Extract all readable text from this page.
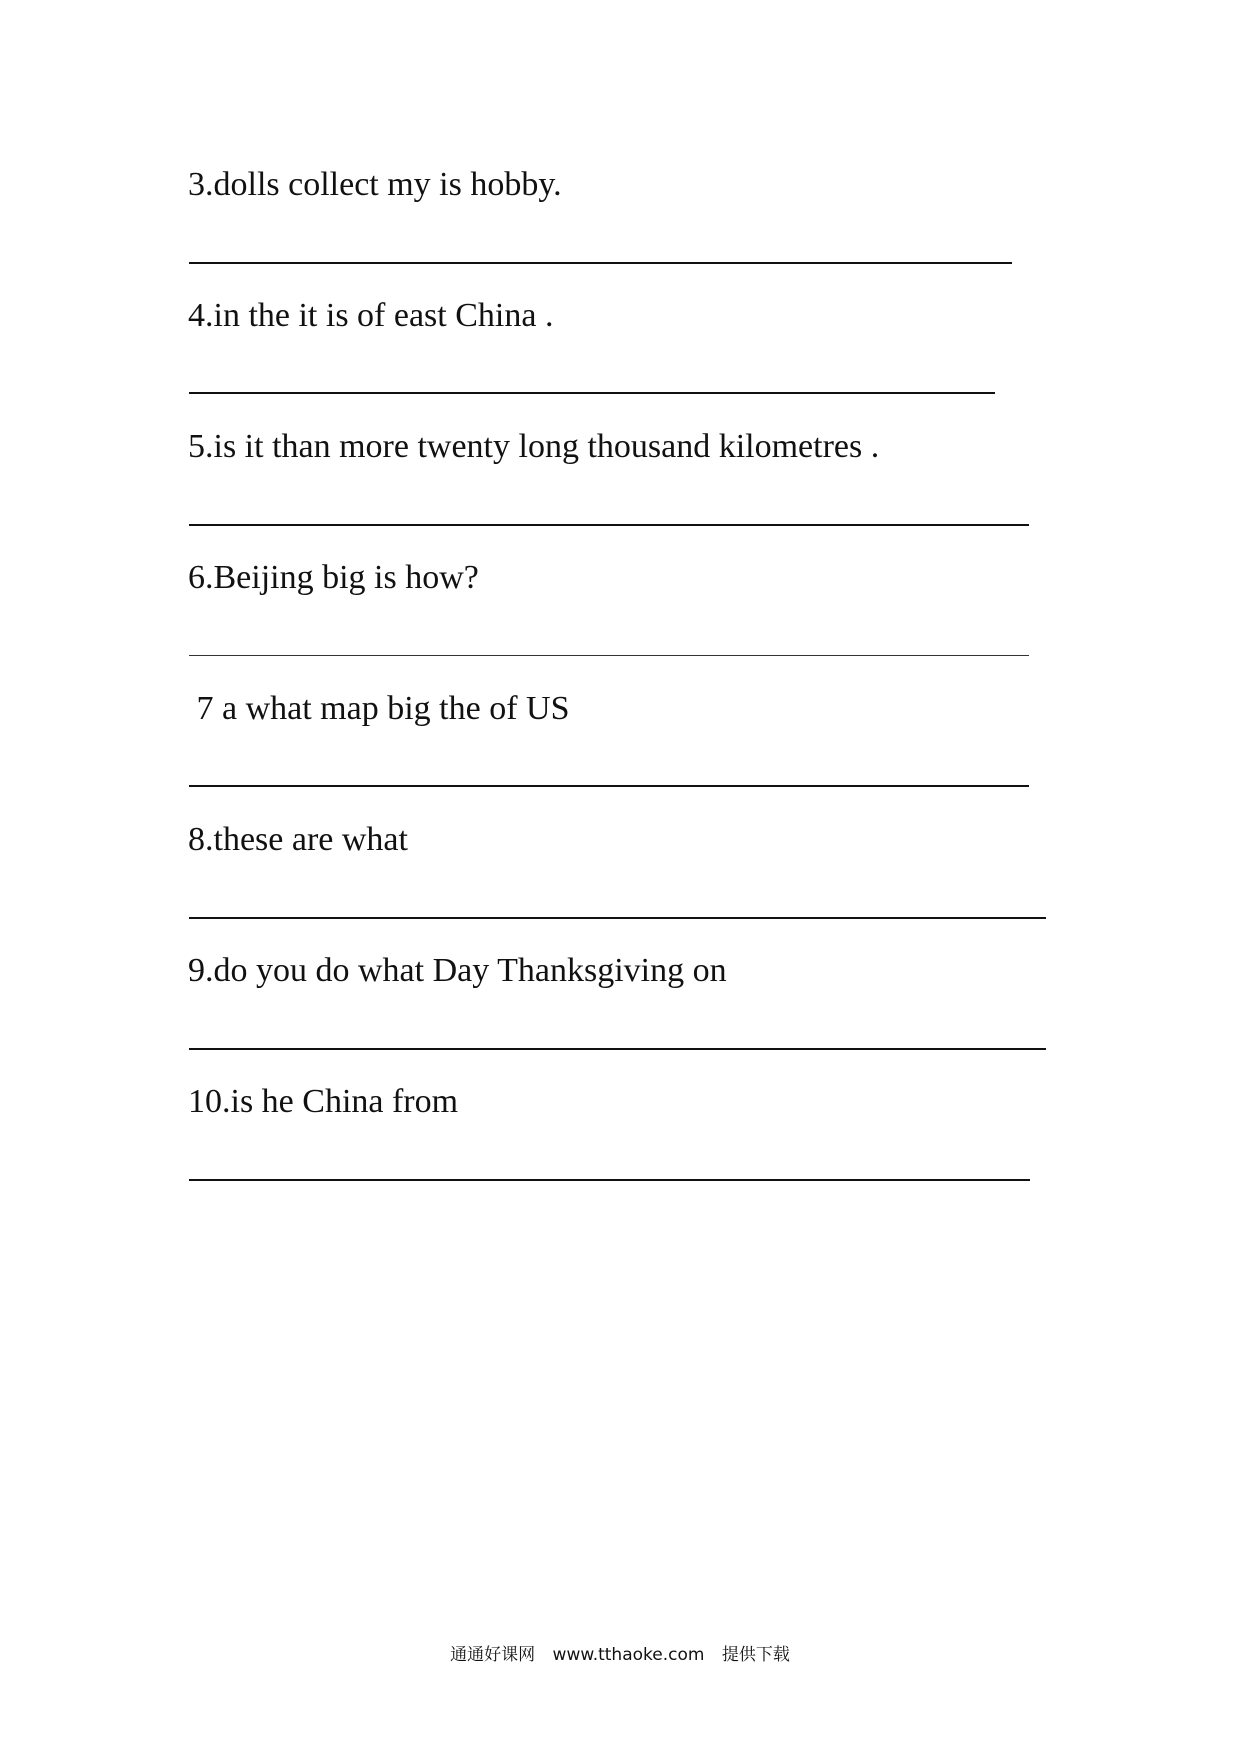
3.dolls collect my is hobby.
4.in the it is of east China .
5.is it than more twenty long thousand kilometres .
6.Beijing big is how?
7 a what map big the of US
8.these are what
9.do you do what Day Thanksgiving on
10.is he China from
通通好课网 www.tthaoke.com 提供下载
